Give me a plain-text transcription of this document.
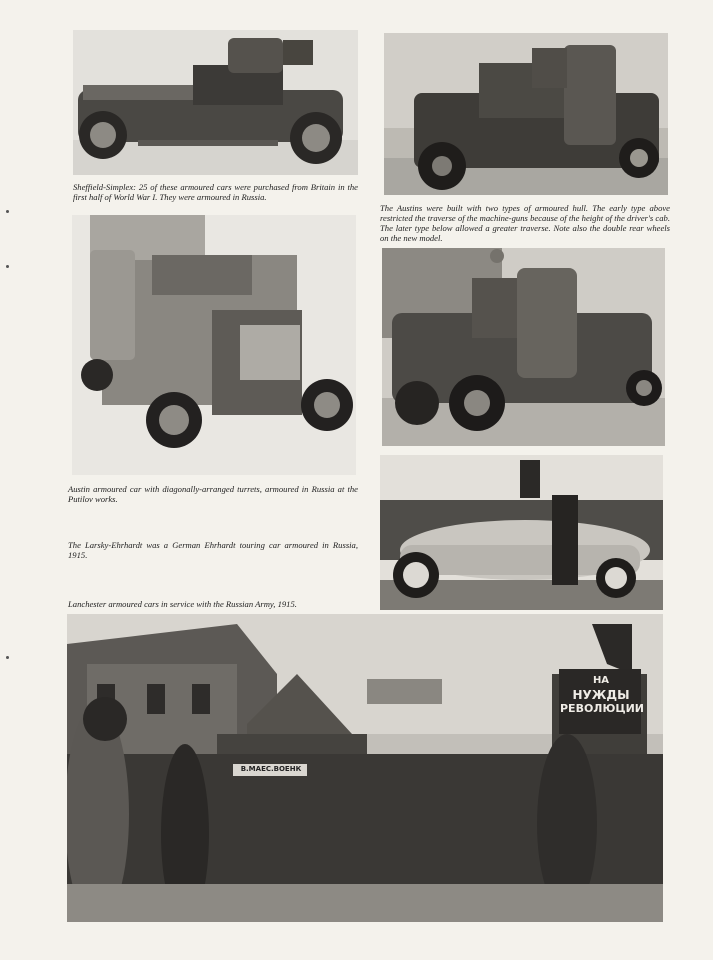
Sheffield-Simplex: 25 of these armoured cars were purchased from Britain in the first half of World War I. They were armoured in Russia.

The Austins were built with two types of armoured hull. The early type above restricted the traverse of the machine-guns because of the height of the driver's cab. The later type below allowed a greater traverse. Note also the double rear wheels on the new model.

Austin armoured car with diagonally-arranged turrets, armoured in Russia at the Putilov works.

The Larsky-Ehrhardt was a German Ehrhardt touring car armoured in Russia, 1915.

Lanchester armoured cars in service with the Russian Army, 1915.

НА
НУЖДЫ
РЕВОЛЮЦИИ
В.МАЕС.ВОЕНК
